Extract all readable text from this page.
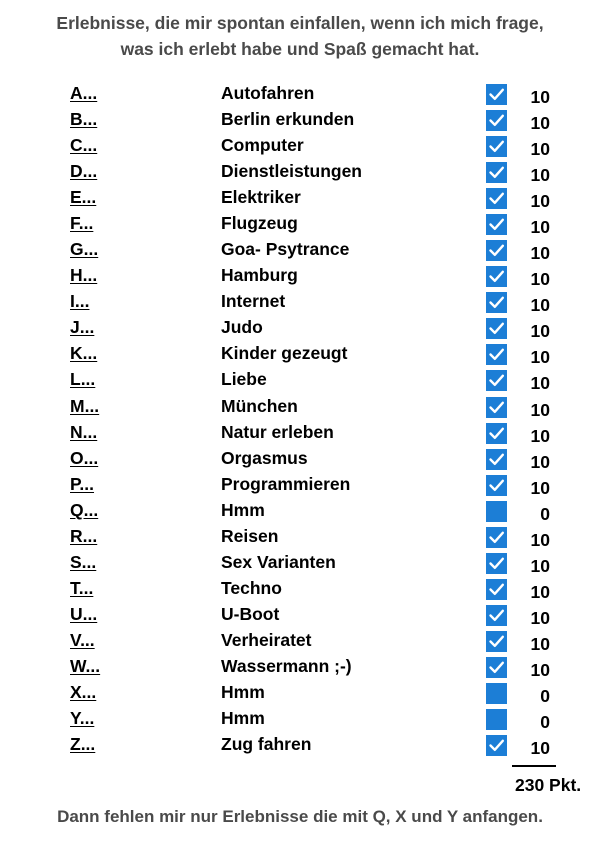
Erlebnisse, die mir spontan einfallen, wenn ich mich frage,
was ich erlebt habe und Spaß gemacht hat.
A...	Autofahren	10
B...	Berlin erkunden	10
C...	Computer	10
D...	Dienstleistungen	10
E...	Elektriker	10
F...	Flugzeug	10
G...	Goa- Psytrance	10
H...	Hamburg	10
I...	Internet	10
J...	Judo	10
K...	Kinder gezeugt	10
L...	Liebe	10
M...	München	10
N...	Natur erleben	10
O...	Orgasmus	10
P...	Programmieren	10
Q...	Hmm	0
R...	Reisen	10
S...	Sex Varianten	10
T...	Techno	10
U...	U-Boot	10
V...	Verheiratet	10
W...	Wassermann ;-)	10
X...	Hmm	0
Y...	Hmm	0
Z...	Zug fahren	10
230 Pkt.
Dann fehlen mir nur Erlebnisse die mit Q, X und Y anfangen.
